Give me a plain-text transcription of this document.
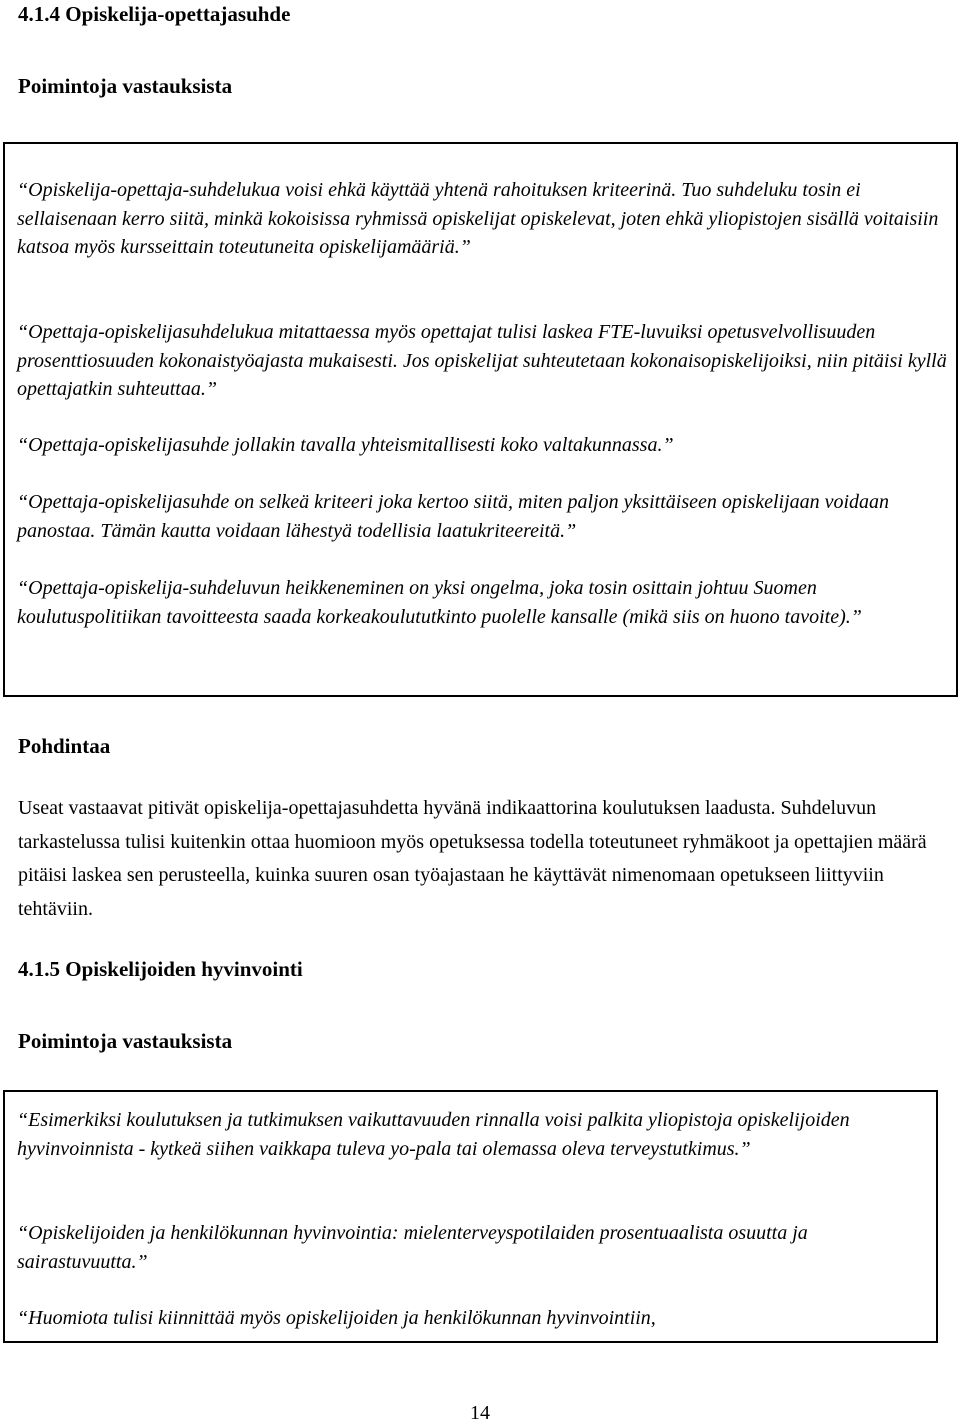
4.1.4 Opiskelija-opettajasuhde
Poimintoja vastauksista

“Opiskelija-opettaja-suhdelukua voisi ehkä käyttää yhtenä rahoituksen kriteerinä. Tuo suhdeluku tosin ei sellaisenaan kerro siitä, minkä kokoisissa ryhmissä opiskelijat opiskelevat, joten ehkä yliopistojen sisällä voitaisiin katsoa myös kursseittain toteutuneita opiskelijamääriä.”

“Opettaja-opiskelijasuhdelukua mitattaessa myös opettajat tulisi laskea FTE-luvuiksi opetusvelvollisuuden prosenttiosuuden kokonaistyöajasta mukaisesti. Jos opiskelijat suhteutetaan kokonaisopiskelijoiksi, niin pitäisi kyllä opettajatkin suhteuttaa.”

“Opettaja-opiskelijasuhde jollakin tavalla yhteismitallisesti koko valtakunnassa.”

“Opettaja-opiskelijasuhde on selkeä kriteeri joka kertoo siitä, miten paljon yksittäiseen opiskelijaan voidaan panostaa. Tämän kautta voidaan lähestyä todellisia laatukriteereitä.”

“Opettaja-opiskelija-suhdeluvun heikkeneminen on yksi ongelma, joka tosin osittain johtuu Suomen koulutuspolitiikan tavoitteesta saada korkeakoulututkinto puolelle kansalle (mikä siis on huono tavoite).”

Pohdintaa

Useat vastaavat pitivät opiskelija-opettajasuhdetta hyvänä indikaattorina koulutuksen laadusta. Suhdeluvun tarkastelussa tulisi kuitenkin ottaa huomioon myös opetuksessa todella toteutuneet ryhmäkoot ja opettajien määrä pitäisi laskea sen perusteella, kuinka suuren osan työajastaan he käyttävät nimenomaan opetukseen liittyviin tehtäviin.

4.1.5 Opiskelijoiden hyvinvointi
Poimintoja vastauksista

“Esimerkiksi koulutuksen ja tutkimuksen vaikuttavuuden rinnalla voisi palkita yliopistoja opiskelijoiden hyvinvoinnista - kytkeä siihen vaikkapa tuleva yo-pala tai olemassa oleva terveystutkimus.”

“Opiskelijoiden ja henkilökunnan hyvinvointia: mielenterveyspotilaiden prosentuaalista osuutta ja sairastuvuutta.”

“Huomiota tulisi kiinnittää myös opiskelijoiden ja henkilökunnan hyvinvointiin,

14
